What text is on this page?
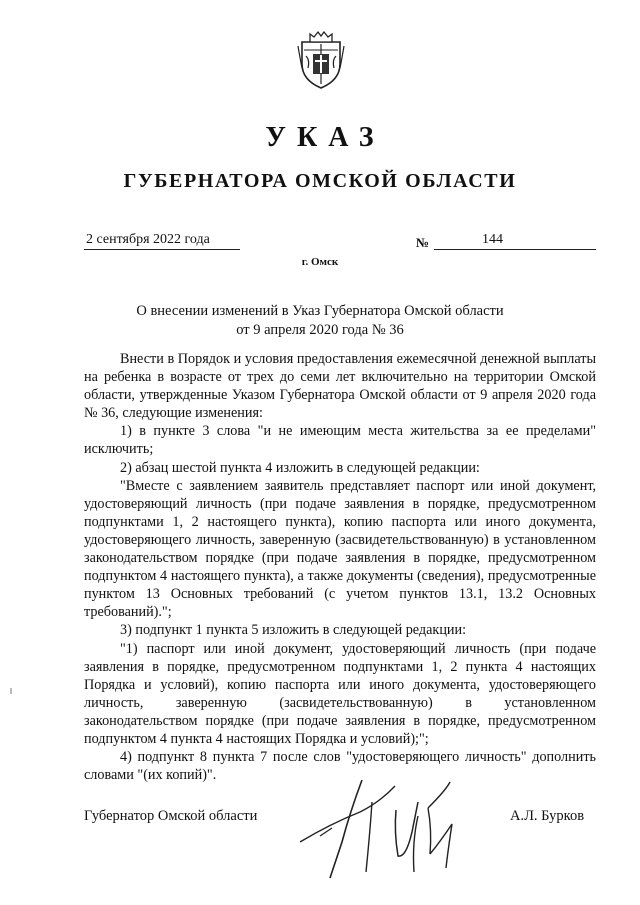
УКАЗ
ГУБЕРНАТОРА ОМСКОЙ ОБЛАСТИ
2 сентября 2022 года	№	144
г. Омск
О внесении изменений в Указ Губернатора Омской области
от 9 апреля 2020 года № 36

Внести в Порядок и условия предоставления ежемесячной денежной выплаты на ребенка в возрасте от трех до семи лет включительно на территории Омской области, утвержденные Указом Губернатора Омской области от 9 апреля 2020 года № 36, следующие изменения:

1) в пункте 3 слова "и не имеющим места жительства за ее пределами" исключить;

2) абзац шестой пункта 4 изложить в следующей редакции:

"Вместе с заявлением заявитель представляет паспорт или иной документ, удостоверяющий личность (при подаче заявления в порядке, предусмотренном подпунктами 1, 2 настоящего пункта), копию паспорта или иного документа, удостоверяющего личность, заверенную (засвидетельствованную) в установленном законодательством порядке (при подаче заявления в порядке, предусмотренном подпунктом 4 настоящего пункта), а также документы (сведения), предусмотренные пунктом 13 Основных требований (с учетом пунктов 13.1, 13.2 Основных требований).";

3) подпункт 1 пункта 5 изложить в следующей редакции:

"1) паспорт или иной документ, удостоверяющий личность (при подаче заявления в порядке, предусмотренном подпунктами 1, 2 пункта 4 настоящих Порядка и условий), копию паспорта или иного документа, удостоверяющего личность, заверенную (засвидетельствованную) в установленном законодательством порядке (при подаче заявления в порядке, предусмотренном подпунктом 4 пункта 4 настоящих Порядка и условий);";

4) подпункт 8 пункта 7 после слов "удостоверяющего личность" дополнить словами "(их копий)".

Губернатор Омской области	А.Л. Бурков
